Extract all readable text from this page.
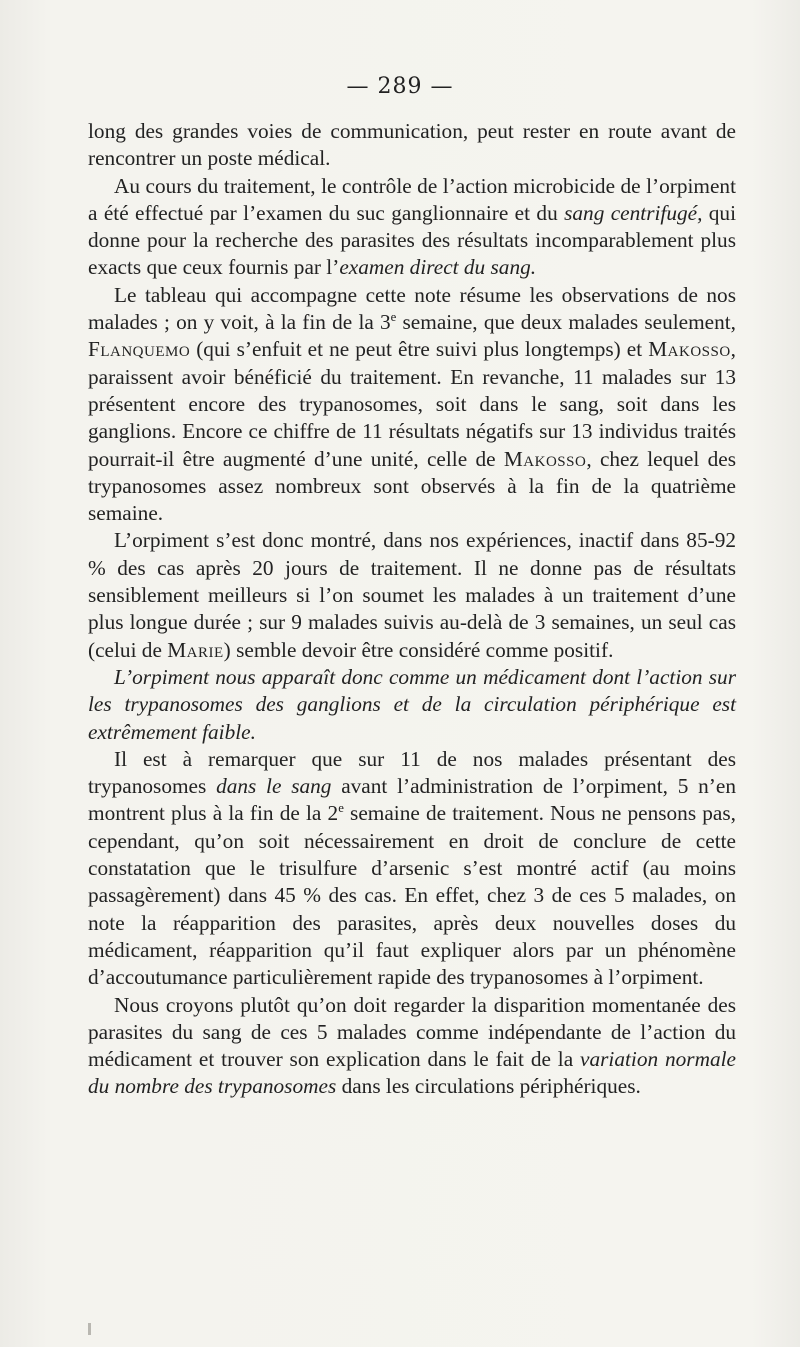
— 289 —

long des grandes voies de communication, peut rester en route avant de rencontrer un poste médical.

Au cours du traitement, le contrôle de l’action microbicide de l’orpiment a été effectué par l’examen du suc ganglionnaire et du sang centrifugé, qui donne pour la recherche des parasites des résultats incomparablement plus exacts que ceux fournis par l’examen direct du sang.

Le tableau qui accompagne cette note résume les observations de nos malades ; on y voit, à la fin de la 3e semaine, que deux malades seulement, Flanquemo (qui s’enfuit et ne peut être suivi plus longtemps) et Makosso, paraissent avoir bénéficié du traitement. En revanche, 11 malades sur 13 présentent encore des trypanosomes, soit dans le sang, soit dans les ganglions. Encore ce chiffre de 11 résultats négatifs sur 13 individus traités pourrait-il être augmenté d’une unité, celle de Makosso, chez lequel des trypanosomes assez nombreux sont observés à la fin de la quatrième semaine.

L’orpiment s’est donc montré, dans nos expériences, inactif dans 85-92 % des cas après 20 jours de traitement. Il ne donne pas de résultats sensiblement meilleurs si l’on soumet les malades à un traitement d’une plus longue durée ; sur 9 malades suivis au-delà de 3 semaines, un seul cas (celui de Marie) semble devoir être considéré comme positif.

L’orpiment nous apparaît donc comme un médicament dont l’action sur les trypanosomes des ganglions et de la circulation périphérique est extrêmement faible.

Il est à remarquer que sur 11 de nos malades présentant des trypanosomes dans le sang avant l’administration de l’orpiment, 5 n’en montrent plus à la fin de la 2e semaine de traitement. Nous ne pensons pas, cependant, qu’on soit nécessairement en droit de conclure de cette constatation que le trisulfure d’arsenic s’est montré actif (au moins passagèrement) dans 45 % des cas. En effet, chez 3 de ces 5 malades, on note la réapparition des parasites, après deux nouvelles doses du médicament, réapparition qu’il faut expliquer alors par un phénomène d’accoutumance particulièrement rapide des trypanosomes à l’orpiment.

Nous croyons plutôt qu’on doit regarder la disparition momentanée des parasites du sang de ces 5 malades comme indépendante de l’action du médicament et trouver son explication dans le fait de la variation normale du nombre des trypanosomes dans les circulations périphériques.
